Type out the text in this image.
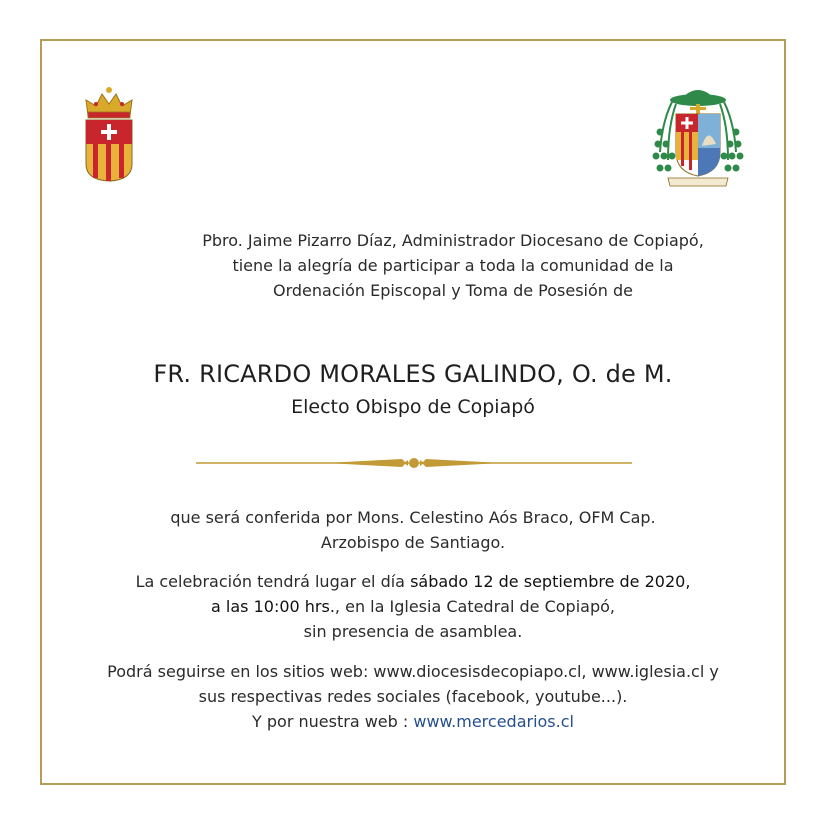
Pbro. Jaime Pizarro Díaz, Administrador Diocesano de Copiapó,

tiene la alegría de participar a toda la comunidad de la

Ordenación Episcopal y Toma de Posesión de

FR. RICARDO MORALES GALINDO, O. de M.
Electo Obispo de Copiapó

que será conferida por Mons. Celestino Aós Braco, OFM Cap.

Arzobispo de Santiago.

La celebración tendrá lugar el día sábado 12 de septiembre de 2020,

a las 10:00 hrs., en la Iglesia Catedral de Copiapó,

sin presencia de asamblea.

Podrá seguirse en los sitios web: www.diocesisdecopiapo.cl, www.iglesia.cl y

sus respectivas redes sociales (facebook, youtube...).

Y por nuestra web : www.mercedarios.cl
